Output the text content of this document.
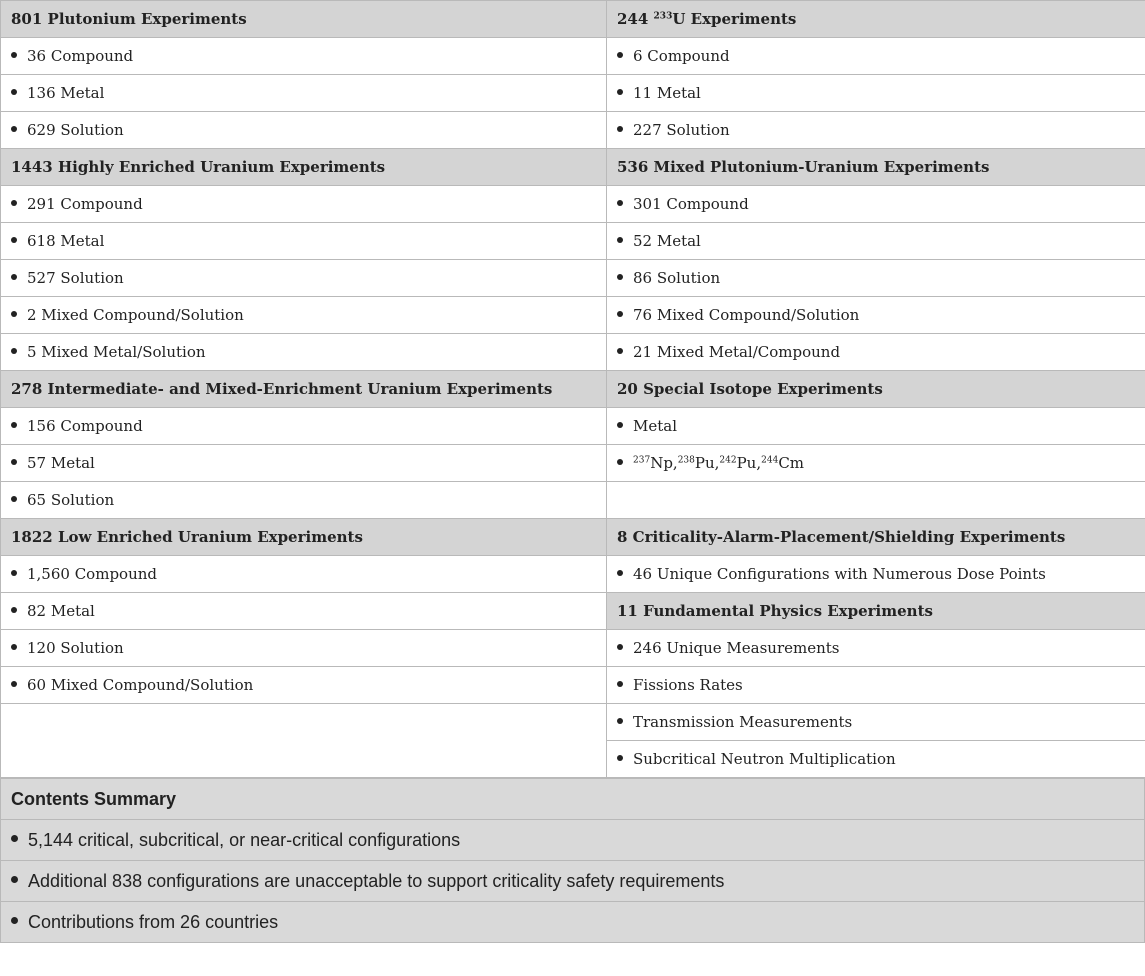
801 Plutonium Experiments	244 $^{233}$U Experiments
36 Compound	6 Compound
136 Metal	11 Metal
629 Solution	227 Solution
1443 Highly Enriched Uranium Experiments	536 Mixed Plutonium-Uranium Experiments
291 Compound	301 Compound
618 Metal	52 Metal
527 Solution	86 Solution
2 Mixed Compound/Solution	76 Mixed Compound/Solution
5 Mixed Metal/Solution	21 Mixed Metal/Compound
278 Intermediate- and Mixed-Enrichment Uranium Experiments	20 Special Isotope Experiments
156 Compound	Metal
57 Metal	$^{237}$Np,$^{238}$Pu,$^{242}$Pu,$^{244}$Cm
65 Solution	
1822 Low Enriched Uranium Experiments	8 Criticality-Alarm-Placement/Shielding Experiments
1,560 Compound	46 Unique Configurations with Numerous Dose Points
82 Metal	11 Fundamental Physics Experiments
120 Solution	246 Unique Measurements
60 Mixed Compound/Solution	Fissions Rates
	Transmission Measurements
	Subcritical Neutron Multiplication
Contents Summary
5,144 critical, subcritical, or near-critical configurations
Additional 838 configurations are unacceptable to support criticality safety requirements
Contributions from 26 countries
